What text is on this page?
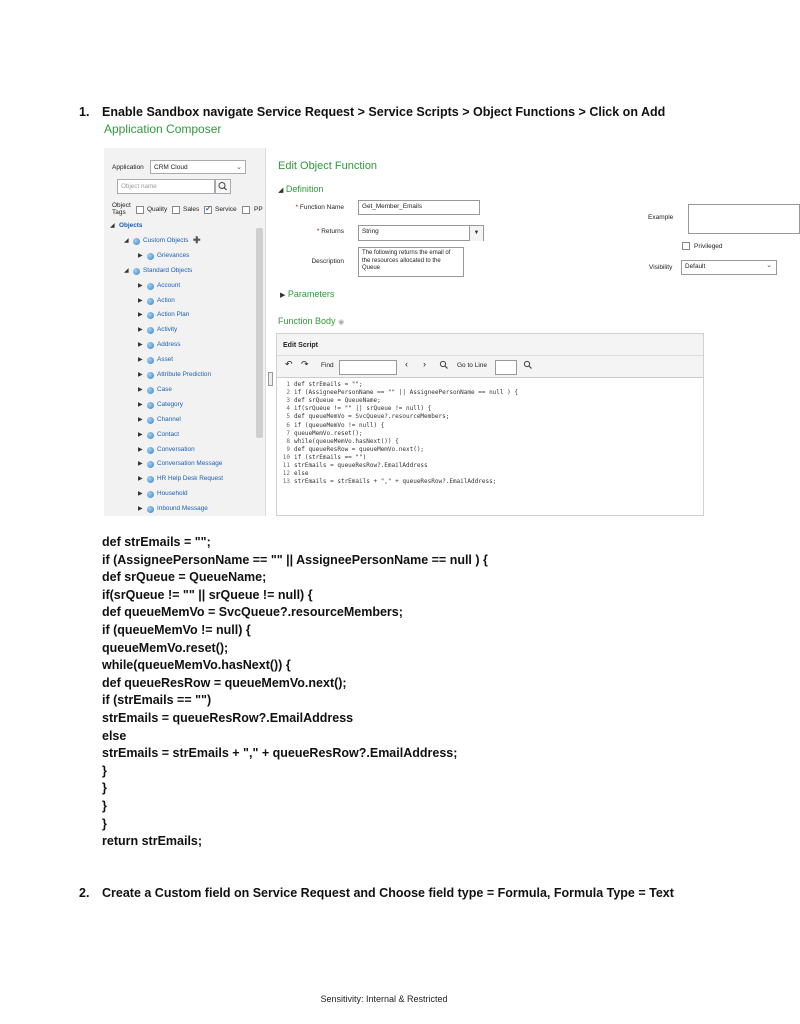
1. Enable Sandbox navigate Service Request > Service Scripts > Object Functions > Click on Add
Application Composer
Application	CRM Cloud	⌄
Object name
Object Tags	Quality Sales
✓ Service	PP
◢ Objects
◢ Custom Objects ✚
▶ Grievances
◢ Standard Objects
▶ Account
▶ Action
▶ Action Plan
▶ Activity
▶ Address
▶ Asset
▶ Attribute Prediction
▶ Case
▶ Category
▶ Channel
▶ Contact
▶ Conversation
▶ Conversation Message
▶ HR Help Desk Request
▶ Household
▶ Inbound Message
Edit Object Function
◢ Definition
* Function Name	Get_Member_Emails
* Returns	String	▼
Description
The following returns the email of the resources allocated to the Queue
Example
Privileged
Visibility	Default	⌄
▶ Parameters
Function Body ◉
Edit Script
↶ ↷ Find	‹ ›	Go to Line
1 def strEmails = "";
2 if (AssigneePersonName == "" || AssigneePersonName == null ) {
3 def srQueue = QueueName;
4 if(srQueue != "" || srQueue != null) {
5 def queueMemVo = SvcQueue?.resourceMembers;
6 if (queueMemVo != null) {
7 queueMemVo.reset();
8 while(queueMemVo.hasNext()) {
9 def queueResRow = queueMemVo.next();
10 if (strEmails == "")
11 strEmails = queueResRow?.EmailAddress
12 else
13 strEmails = strEmails + "," + queueResRow?.EmailAddress;
def strEmails = "";
if (AssigneePersonName == "" || AssigneePersonName == null ) {
def srQueue = QueueName;
if(srQueue != "" || srQueue != null) {
def queueMemVo = SvcQueue?.resourceMembers;
if (queueMemVo != null) {
queueMemVo.reset();
while(queueMemVo.hasNext()) {
def queueResRow = queueMemVo.next();
if (strEmails == "")
strEmails = queueResRow?.EmailAddress
else
strEmails = strEmails + "," + queueResRow?.EmailAddress;
}
}
}
}
return strEmails;
2. Create a Custom field on Service Request and Choose field type = Formula, Formula Type = Text
Sensitivity: Internal & Restricted
